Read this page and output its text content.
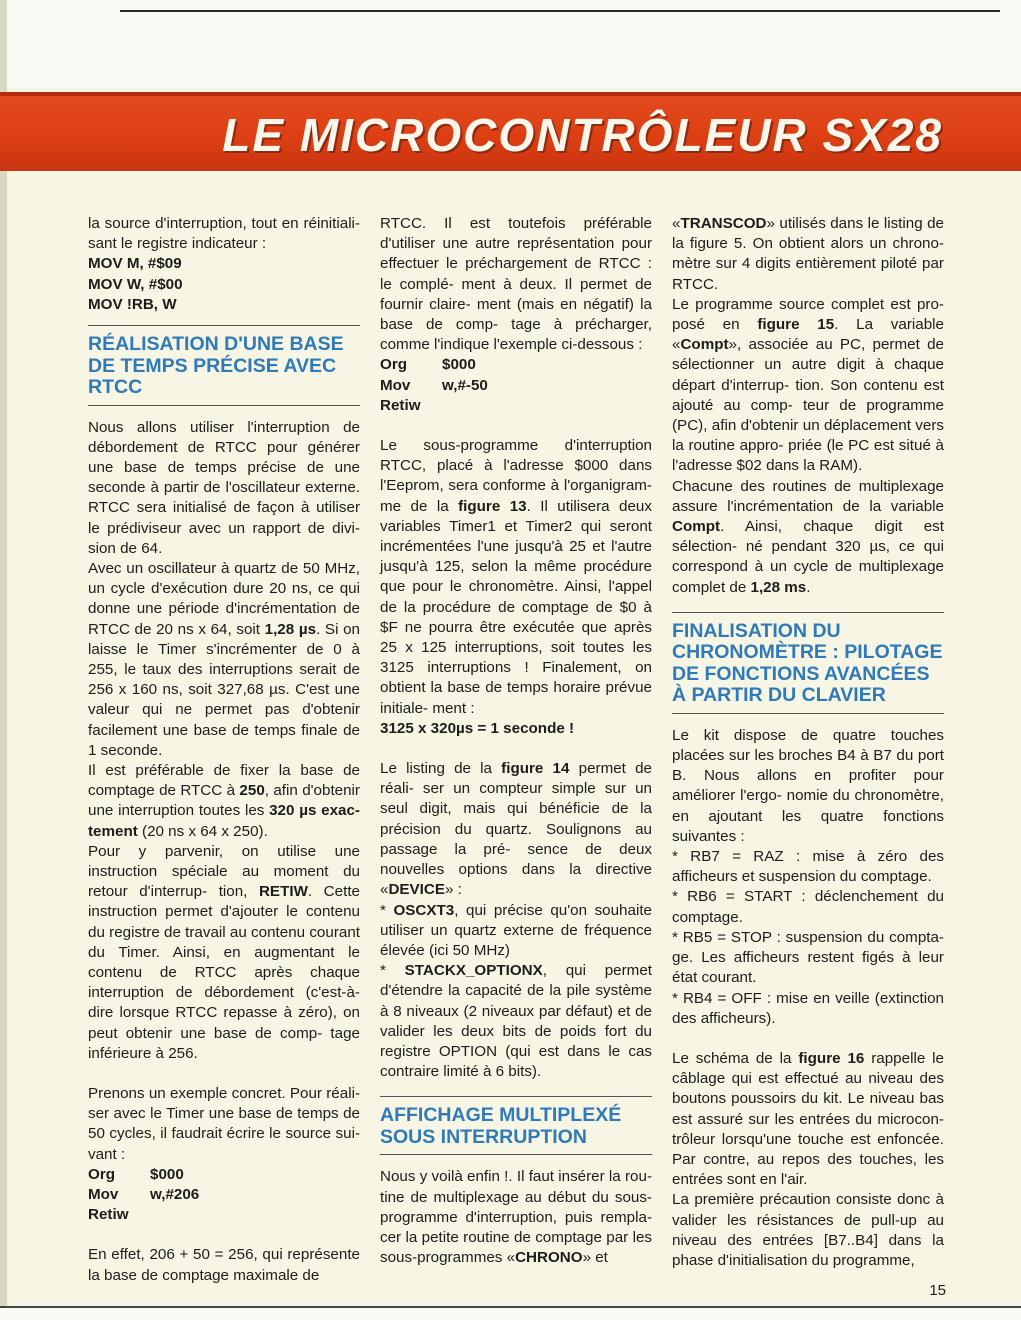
LE MICROCONTRÔLEUR SX28

la source d'interruption, tout en réinitiali- sant le registre indicateur :

MOV M, #$09
MOV W, #$00
MOV !RB, W

RÉALISATION D'UNE BASE DE TEMPS PRÉCISE AVEC RTCC

Nous allons utiliser l'interruption de débordement de RTCC pour générer une base de temps précise de une seconde à partir de l'oscillateur externe. RTCC sera initialisé de façon à utiliser le prédiviseur avec un rapport de divi- sion de 64.

Avec un oscillateur à quartz de 50 MHz, un cycle d'exécution dure 20 ns, ce qui donne une période d'incrémentation de RTCC de 20 ns x 64, soit 1,28 µs. Si on laisse le Timer s'incrémenter de 0 à 255, le taux des interruptions serait de 256 x 160 ns, soit 327,68 µs. C'est une valeur qui ne permet pas d'obtenir facilement une base de temps finale de 1 seconde.

Il est préférable de fixer la base de comptage de RTCC à 250, afin d'obtenir une interruption toutes les 320 µs exac- tement (20 ns x 64 x 250).

Pour y parvenir, on utilise une instruction spéciale au moment du retour d'interrup- tion, RETIW. Cette instruction permet d'ajouter le contenu du registre de travail au contenu courant du Timer. Ainsi, en augmentant le contenu de RTCC après chaque interruption de débordement (c'est-à-dire lorsque RTCC repasse à zéro), on peut obtenir une base de comp- tage inférieure à 256.

Prenons un exemple concret. Pour réali- ser avec le Timer une base de temps de 50 cycles, il faudrait écrire le source sui- vant :

Org $000
Mov w,#206
Retiw

En effet, 206 + 50 = 256, qui représente la base de comptage maximale de

RTCC. Il est toutefois préférable d'utiliser une autre représentation pour effectuer le préchargement de RTCC : le complé- ment à deux. Il permet de fournir claire- ment (mais en négatif) la base de comp- tage à précharger, comme l'indique l'exemple ci-dessous :

Org $000
Mov w,#-50
Retiw

Le sous-programme d'interruption RTCC, placé à l'adresse $000 dans l'Eeprom, sera conforme à l'organigram- me de la figure 13. Il utilisera deux variables Timer1 et Timer2 qui seront incrémentées l'une jusqu'à 25 et l'autre jusqu'à 125, selon la même procédure que pour le chronomètre. Ainsi, l'appel de la procédure de comptage de $0 à $F ne pourra être exécutée que après 25 x 125 interruptions, soit toutes les 3125 interruptions ! Finalement, on obtient la base de temps horaire prévue initiale- ment :

3125 x 320µs = 1 seconde !

Le listing de la figure 14 permet de réali- ser un compteur simple sur un seul digit, mais qui bénéficie de la précision du quartz. Soulignons au passage la pré- sence de deux nouvelles options dans la directive «DEVICE» :

* OSCXT3, qui précise qu'on souhaite utiliser un quartz externe de fréquence élevée (ici 50 MHz)

* STACKX_OPTIONX, qui permet d'étendre la capacité de la pile système à 8 niveaux (2 niveaux par défaut) et de valider les deux bits de poids fort du registre OPTION (qui est dans le cas contraire limité à 6 bits).

AFFICHAGE MULTIPLEXÉ SOUS INTERRUPTION

Nous y voilà enfin !. Il faut insérer la rou- tine de multiplexage au début du sous- programme d'interruption, puis rempla- cer la petite routine de comptage par les sous-programmes «CHRONO» et

«TRANSCOD» utilisés dans le listing de la figure 5. On obtient alors un chrono- mètre sur 4 digits entièrement piloté par RTCC.

Le programme source complet est pro- posé en figure 15. La variable «Compt», associée au PC, permet de sélectionner un autre digit à chaque départ d'interrup- tion. Son contenu est ajouté au comp- teur de programme (PC), afin d'obtenir un déplacement vers la routine appro- priée (le PC est situé à l'adresse $02 dans la RAM).

Chacune des routines de multiplexage assure l'incrémentation de la variable Compt. Ainsi, chaque digit est sélection- né pendant 320 µs, ce qui correspond à un cycle de multiplexage complet de 1,28 ms.

FINALISATION DU CHRONOMÈTRE : PILOTAGE DE FONCTIONS AVANCÉES À PARTIR DU CLAVIER

Le kit dispose de quatre touches placées sur les broches B4 à B7 du port B. Nous allons en profiter pour améliorer l'ergo- nomie du chronomètre, en ajoutant les quatre fonctions suivantes :

* RB7 = RAZ : mise à zéro des afficheurs et suspension du comptage.

* RB6 = START : déclenchement du comptage.

* RB5 = STOP : suspension du compta- ge. Les afficheurs restent figés à leur état courant.

* RB4 = OFF : mise en veille (extinction des afficheurs).

Le schéma de la figure 16 rappelle le câblage qui est effectué au niveau des boutons poussoirs du kit. Le niveau bas est assuré sur les entrées du microcon- trôleur lorsqu'une touche est enfoncée. Par contre, au repos des touches, les entrées sont en l'air.

La première précaution consiste donc à valider les résistances de pull-up au niveau des entrées [B7..B4] dans la phase d'initialisation du programme,

15
